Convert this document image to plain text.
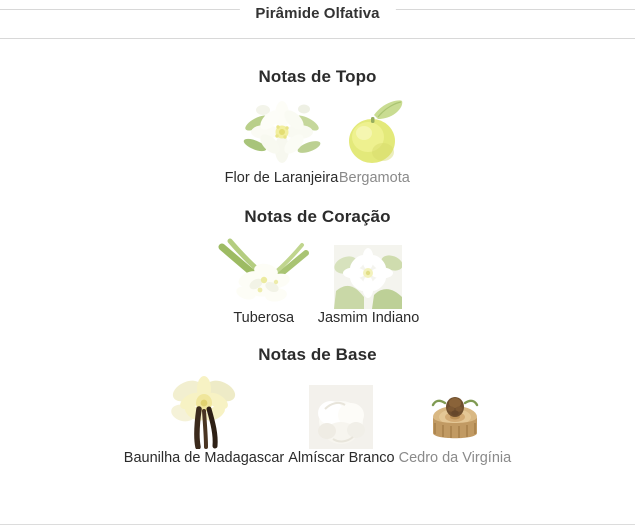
Pirâmide Olfativa
Notas de Topo
Flor de Laranjeira Bergamota
Notas de Coração
Tuberosa Jasmim Indiano
Notas de Base
Baunilha de Madagascar Almíscar Branco Cedro da Virgínia
